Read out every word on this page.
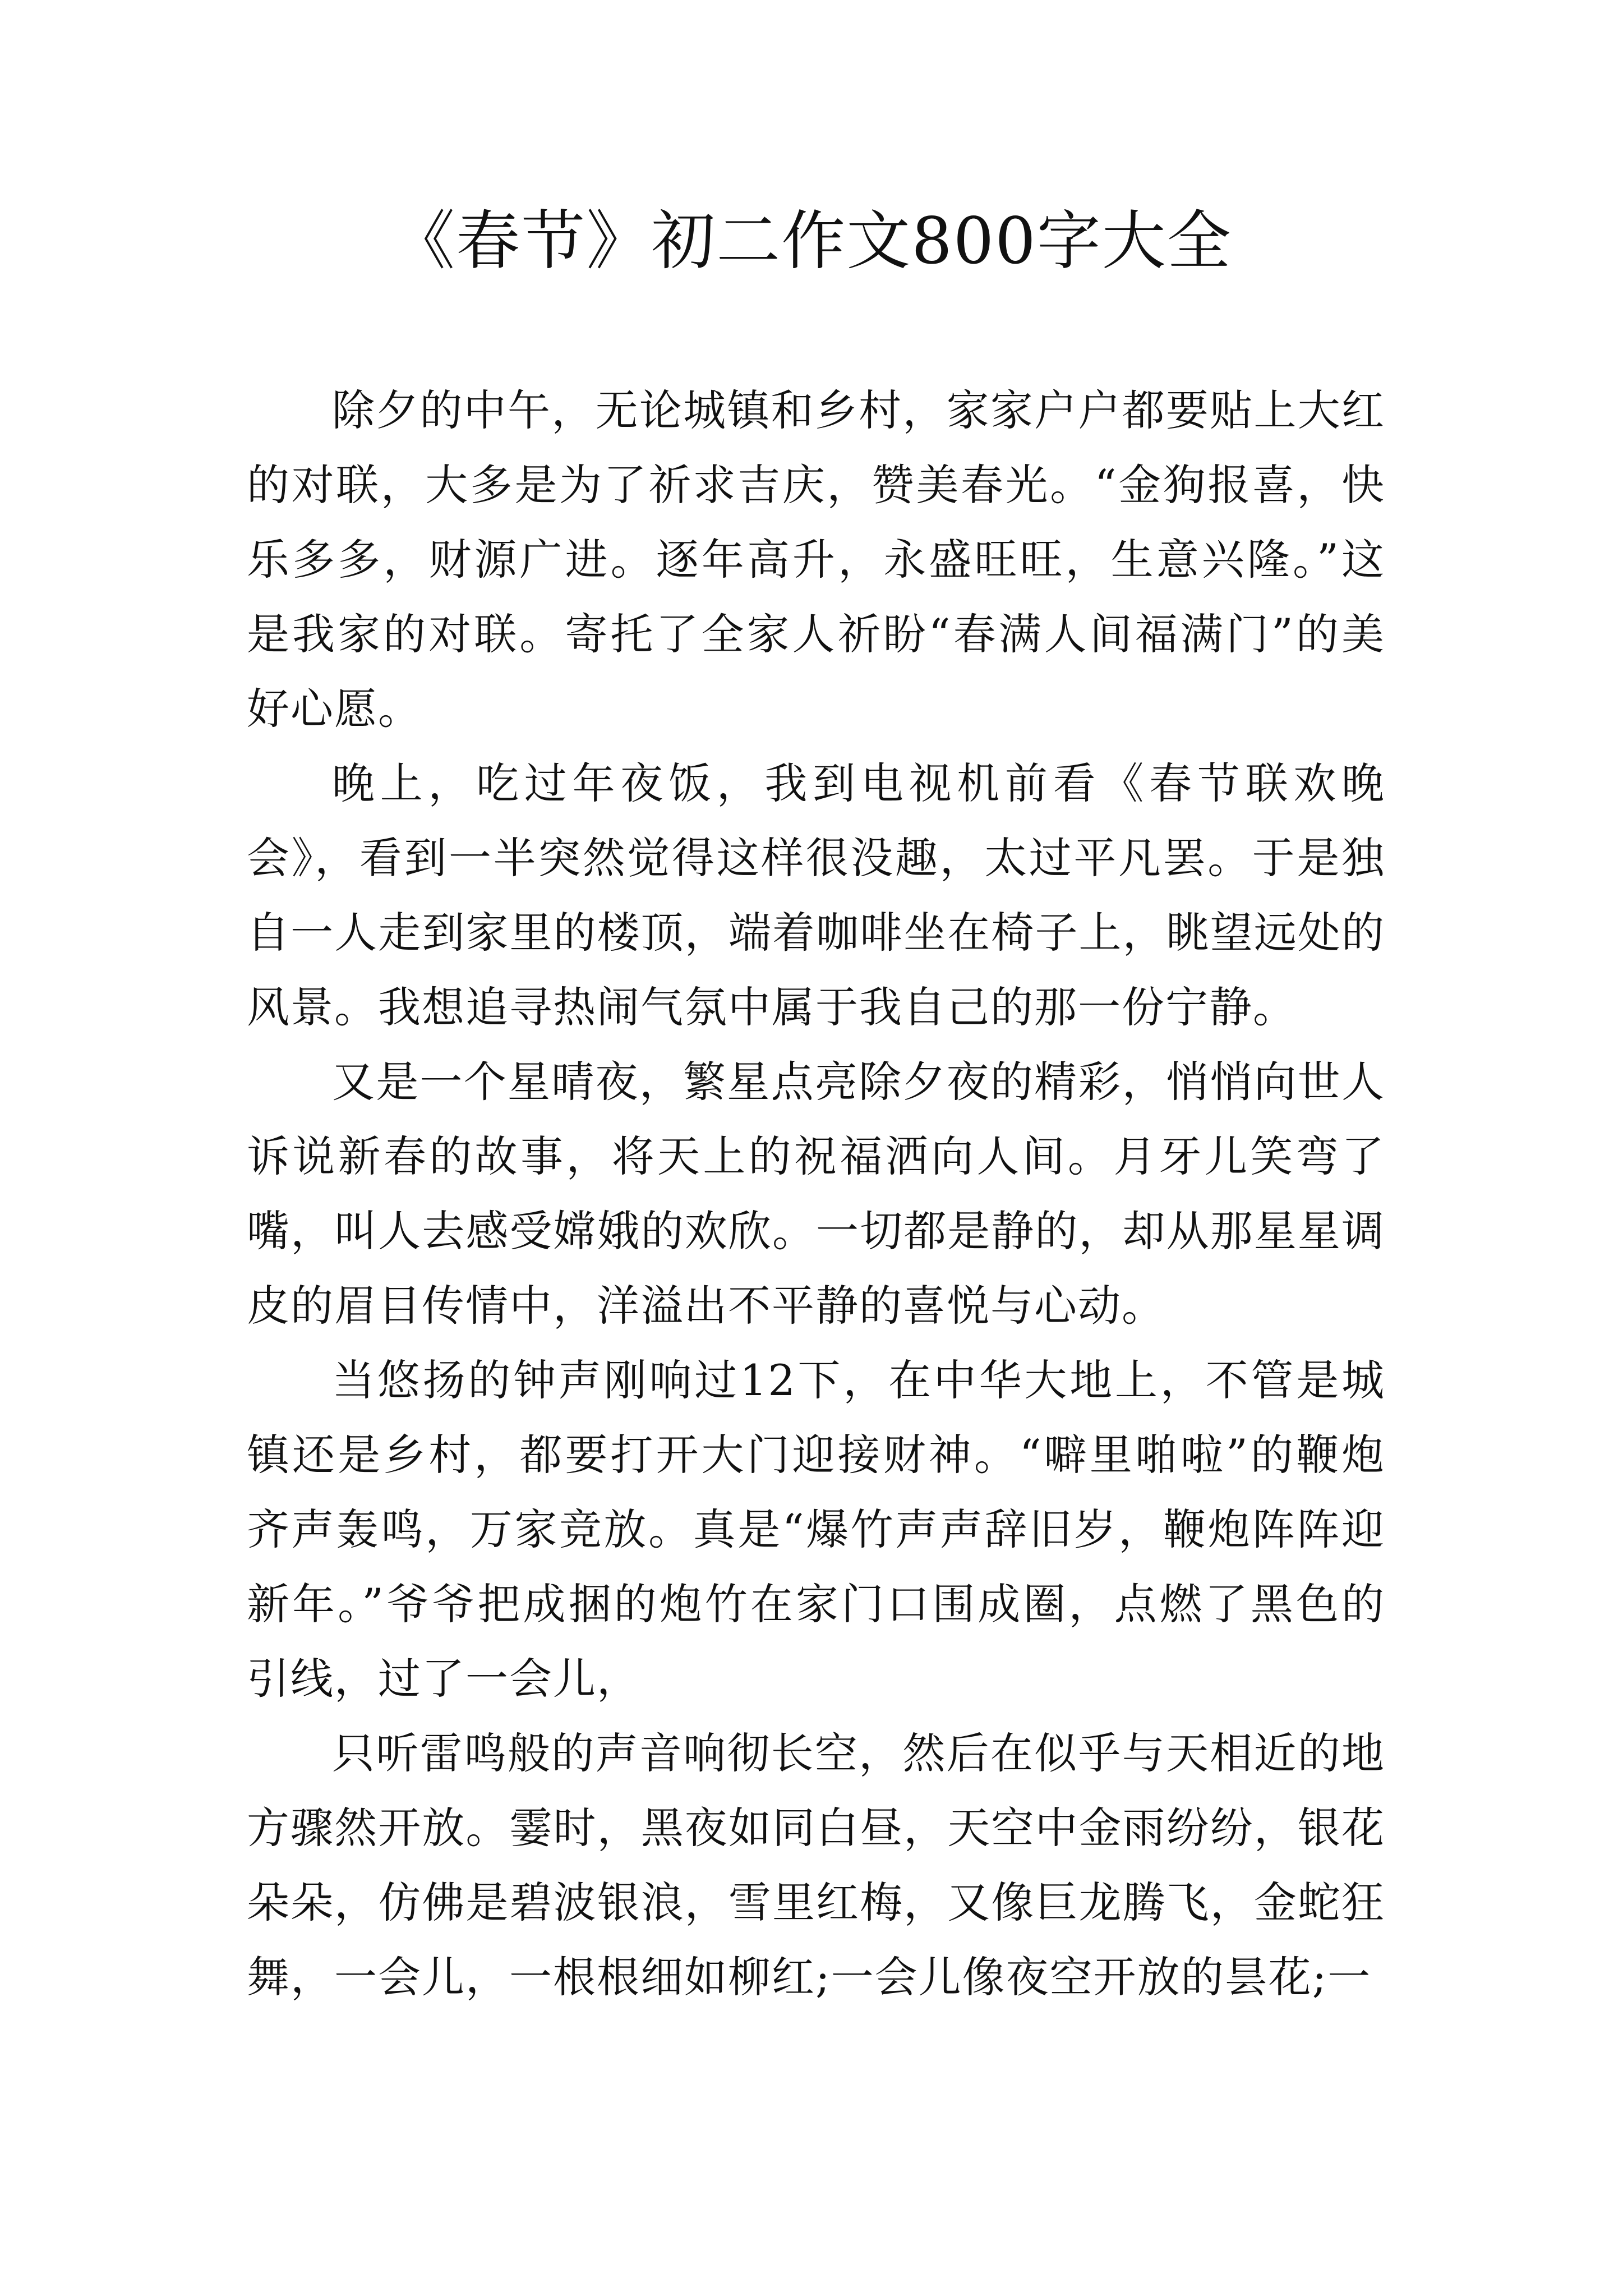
《春节》初二作文800字大全

除夕的中午，无论城镇和乡村，家家户户都要贴上大红的对联，大多是为了祈求吉庆，赞美春光。“金狗报喜，快乐多多，财源广进。逐年高升，永盛旺旺，生意兴隆。”这是我家的对联。寄托了全家人祈盼“春满人间福满门”的美好心愿。

晚上，吃过年夜饭，我到电视机前看《春节联欢晚会》，看到一半突然觉得这样很没趣，太过平凡罢。于是独自一人走到家里的楼顶，端着咖啡坐在椅子上，眺望远处的风景。我想追寻热闹气氛中属于我自己的那一份宁静。

又是一个星晴夜，繁星点亮除夕夜的精彩，悄悄向世人诉说新春的故事，将天上的祝福洒向人间。月牙儿笑弯了嘴，叫人去感受嫦娥的欢欣。一切都是静的，却从那星星调皮的眉目传情中，洋溢出不平静的喜悦与心动。

当悠扬的钟声刚响过12下，在中华大地上，不管是城镇还是乡村，都要打开大门迎接财神。“噼里啪啦”的鞭炮齐声轰鸣，万家竞放。真是“爆竹声声辞旧岁，鞭炮阵阵迎新年。”爷爷把成捆的炮竹在家门口围成圈，点燃了黑色的引线，过了一会儿，

只听雷鸣般的声音响彻长空，然后在似乎与天相近的地方骤然开放。霎时，黑夜如同白昼，天空中金雨纷纷，银花朵朵，仿佛是碧波银浪，雪里红梅，又像巨龙腾飞，金蛇狂舞，一会儿，一根根细如柳红;一会儿像夜空开放的昙花;一
